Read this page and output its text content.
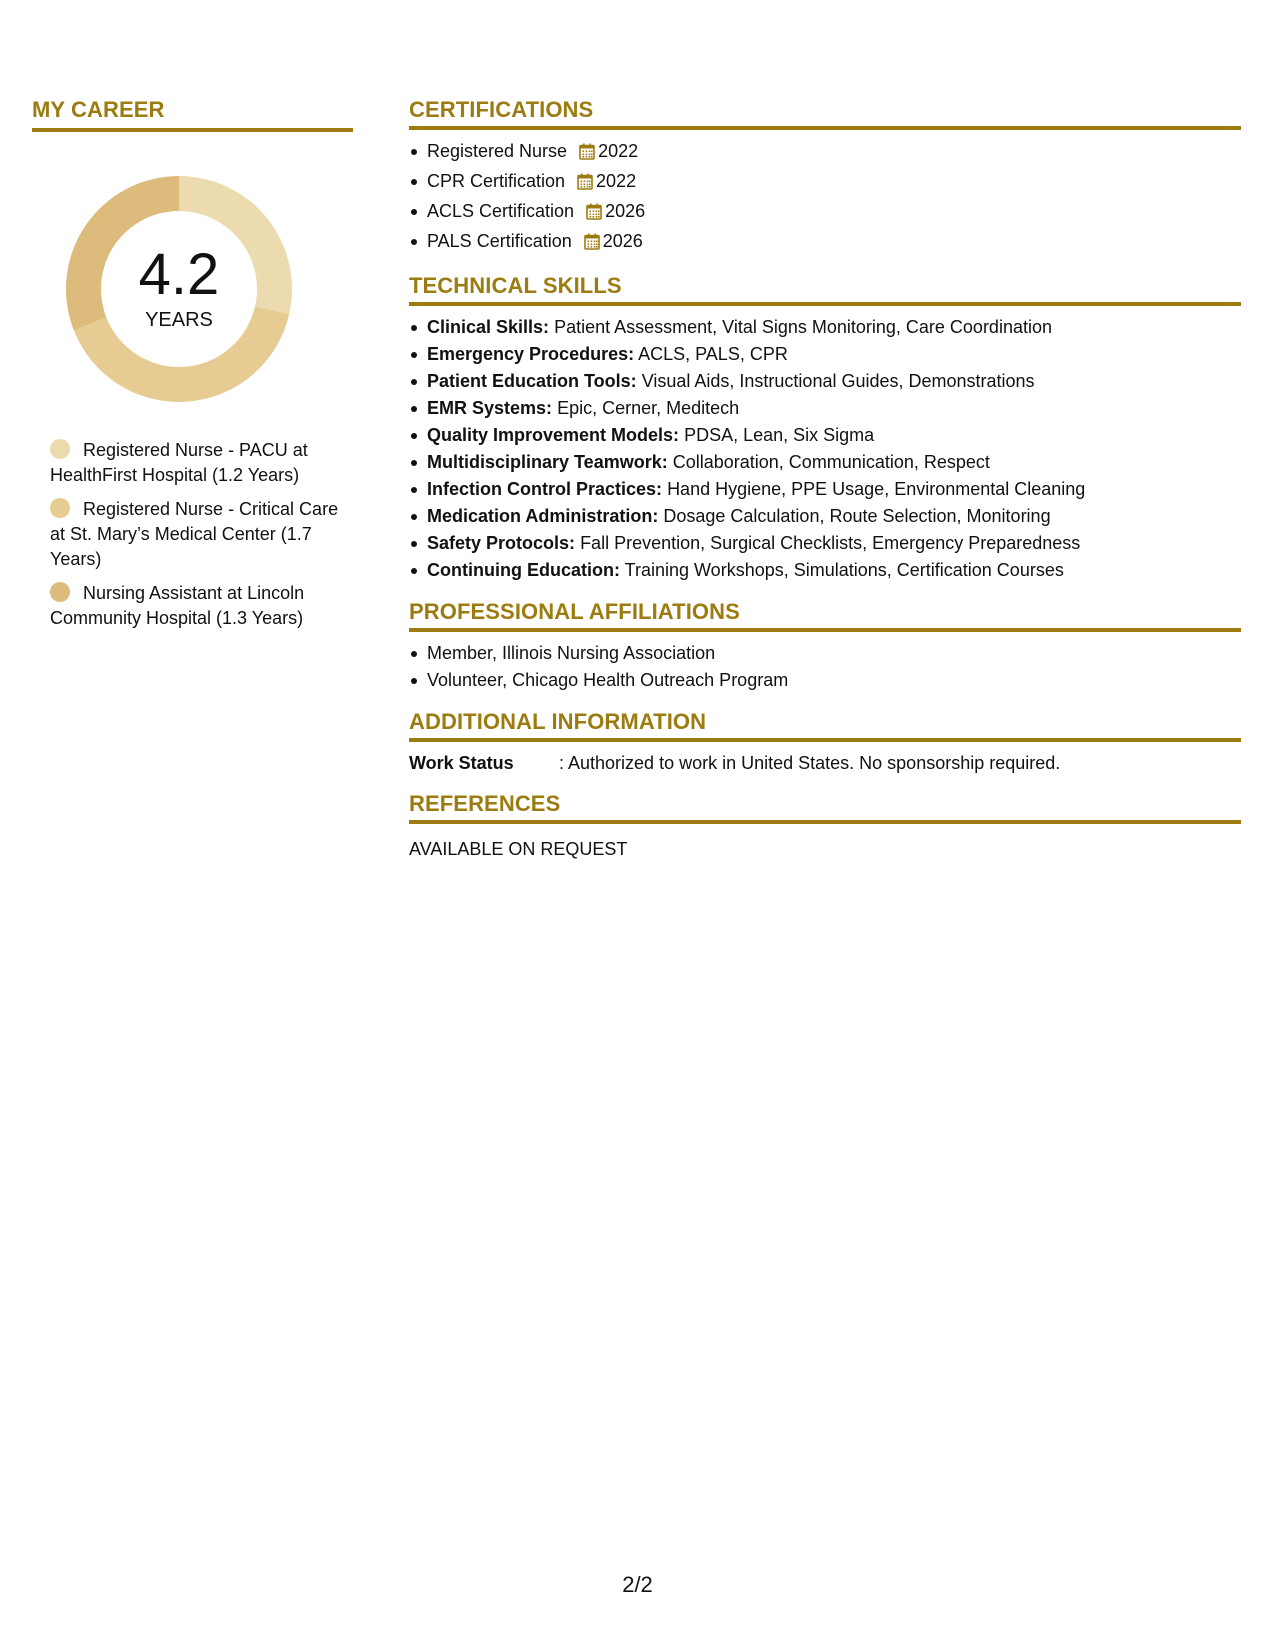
MY CAREER
4.2
YEARS
Registered Nurse - PACU at HealthFirst Hospital (1.2 Years)
Registered Nurse - Critical Care at St. Mary’s Medical Center (1.7 Years)
Nursing Assistant at Lincoln Community Hospital (1.3 Years)
CERTIFICATIONS
Registered Nurse 2022
CPR Certification 2022
ACLS Certification 2026
PALS Certification 2026
TECHNICAL SKILLS
Clinical Skills: Patient Assessment, Vital Signs Monitoring, Care Coordination
Emergency Procedures: ACLS, PALS, CPR
Patient Education Tools: Visual Aids, Instructional Guides, Demonstrations
EMR Systems: Epic, Cerner, Meditech
Quality Improvement Models: PDSA, Lean, Six Sigma
Multidisciplinary Teamwork: Collaboration, Communication, Respect
Infection Control Practices: Hand Hygiene, PPE Usage, Environmental Cleaning
Medication Administration: Dosage Calculation, Route Selection, Monitoring
Safety Protocols: Fall Prevention, Surgical Checklists, Emergency Preparedness
Continuing Education: Training Workshops, Simulations, Certification Courses
PROFESSIONAL AFFILIATIONS
Member, Illinois Nursing Association
Volunteer, Chicago Health Outreach Program
ADDITIONAL INFORMATION
Work Status	: Authorized to work in United States. No sponsorship required.
REFERENCES
AVAILABLE ON REQUEST
2/2
